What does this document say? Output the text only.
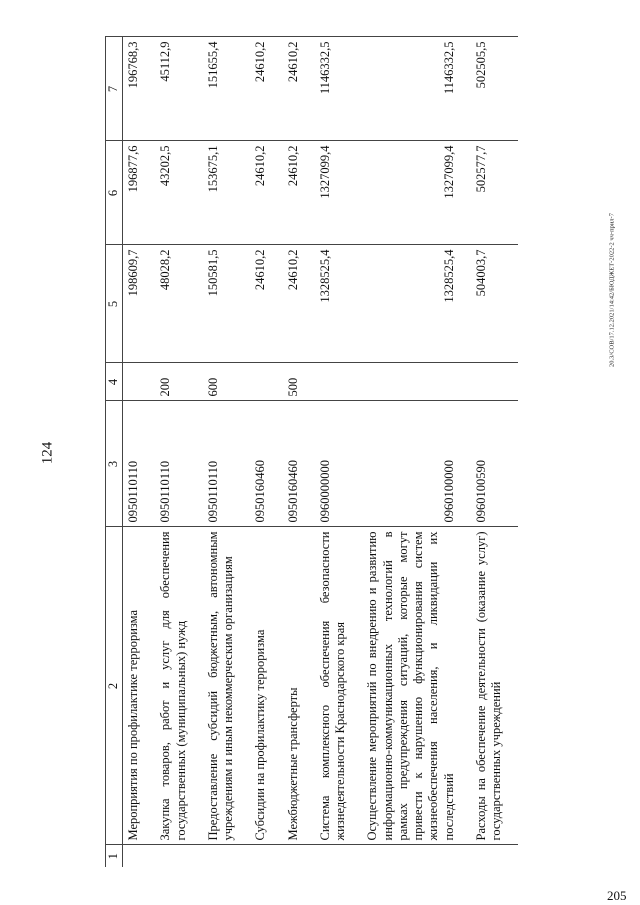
124
20.3/СОВ/17.12.2021/14:42/БЮДЖЕТ-2022-2 чч-прил-7
205
1	2	3	4	5	6	7
	Мероприятия по профилактике терроризма	0950110110		198609,7	196877,6	196768,3
	Закупка товаров, работ и услуг для обеспечения государственных (муниципальных) нужд	0950110110	200	48028,2	43202,5	45112,9
	Предоставление субсидий бюджетным, автономным учреждениям и иным некоммерческим организациям	0950110110	600	150581,5	153675,1	151655,4
	Субсидии на профилактику терроризма	0950160460		24610,2	24610,2	24610,2
	Межбюджетные трансферты	0950160460	500	24610,2	24610,2	24610,2
	Система комплексного обеспечения безопасности жизнедеятельности Краснодарского края	0960000000		1328525,4	1327099,4	1146332,5
	Осуществление мероприятий по внедрению и развитию информационно-коммуникационных технологий в рамках предупреждения ситуаций, которые могут привести к нарушению функционирования систем жизнеобеспечения населения, и ликвидации их последствий	0960100000		1328525,4	1327099,4	1146332,5
	Расходы на обеспечение деятельности (оказание услуг) государственных учреждений	0960100590		504003,7	502577,7	502505,5
